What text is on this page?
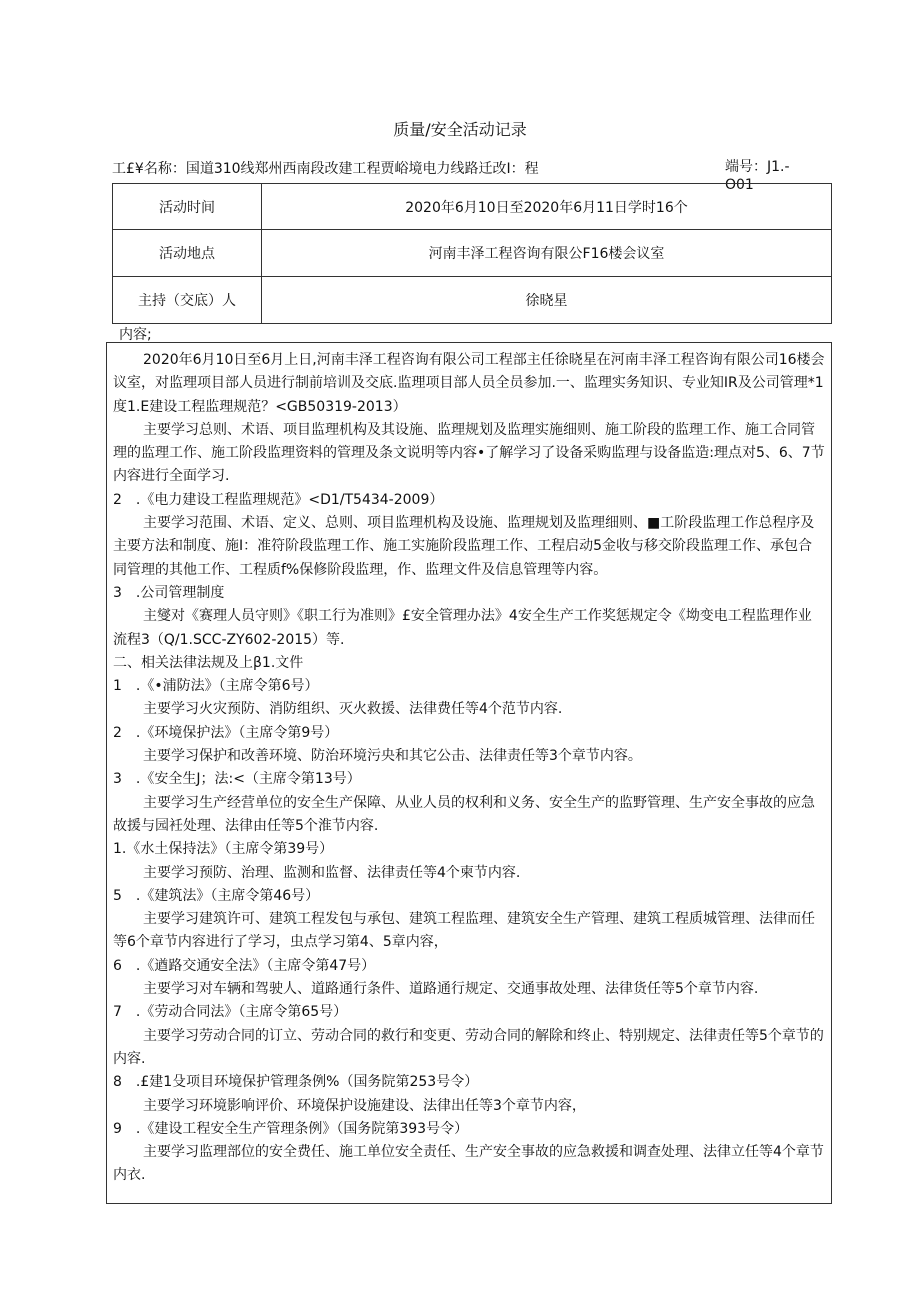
质量/安全活动记录
工£¥名称：国道310线郑州西南段改建工程贾峪境电力线路迁改I：程	端号：J1.-O01
活动时间	2020年6月10日至2020年6月11日学时16个
活动地点	河南丰泽工程咨询有限公F16楼会议室
主持（交底）人	徐晓星
内容;

2020年6月10日至6月上日,河南丰泽工程咨询有限公司工程部主任徐晓星在河南丰泽工程咨询有限公司16楼会议室，对监理项目部人员进行制前培训及交底.监理项目部人员全员参加.一、监理实务知识、专业知IR及公司管理*1度1.E建设工程监理规范？<GB50319-2013）

主要学习总则、术语、项目监理机构及其设施、监理规划及监理实施细则、施工阶段的监理工作、施工合同管理的监理工作、施工阶段监理资料的管理及条文说明等内容•了解学习了设备采购监理与设备监造:理点对5、6、7节内容进行全面学习.

2　.《电力建设工程监理规范》<D1/T5434-2009）

主要学习范围、术语、定义、总则、项目监理机构及设施、监理规划及监理细则、■工阶段监理工作总程序及主要方法和制度、施I：准符阶段监理工作、施工实施阶段监理工作、工程启动5金收与移交阶段监理工作、承包合同管理的其他工作、工程质f%保修阶段监理，作、监理文件及信息管理等内容。

3　.公司管理制度

主燮对《赛理人员守则》《职工行为准则》£安全管理办法》4安全生产工作奖惩规定令《坳变电工程监理作业流程3（Q/1.SCC-ZY602-2015）等.

二、相关法律法规及上β1.文件

1　.《•浦防法》（主席令第6号）

主要学习火灾预防、消防组织、灭火救援、法律费任等4个范节内容.

2　.《环境保护法》（主席令第9号）

主要学习保护和改善环境、防治环境污央和其它公击、法律责任等3个章节内容。

3　.《安全生J；法:<（主席令第13号）

主要学习生产经营单位的安全生产保障、从业人员的权利和义务、安全生产的监野管理、生产安全事故的应急故援与园衽处理、法律由任等5个淮节内容.

1.《水土保持法》（主席令第39号）

主要学习预防、治理、监测和监督、法律责任等4个柬节内容.

5　.《建筑法》（主席令第46号）

主要学习建筑许可、建筑工程发包与承包、建筑工程监理、建筑安全生产管理、建筑工程质城管理、法律而任等6个章节内容进行了学习，虫点学习第4、5章内容，

6　.《遒路交通安全法》（主席令第47号）

主要学习对车辆和驾驶人、道路通行条件、道路通行规定、交通事故处理、法律货任等5个章节内容.

7　.《劳动合同法》（主席令第65号）

主要学习劳动合同的订立、劳动合同的救行和变更、劳动合同的解除和终止、特别规定、法律责任等5个章节的内容.

8　.£建1殳项目环境保护管理条例%（国务院第253号令）

主要学习环境影响评价、环境保护设施建设、法律出任等3个章节内容，

9　.《建设工程安全生产管理条例》（国务院第393号令）

主要学习监理部位的安全费任、施工单位安全责任、生产安全事故的应急救援和调查处理、法律立任等4个章节内衣.
